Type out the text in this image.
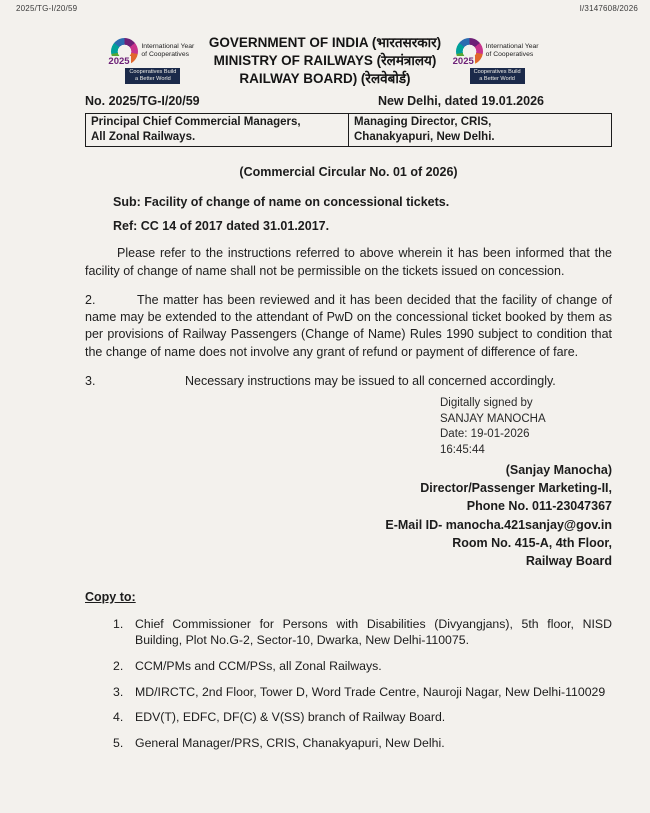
2025/TG-I/20/59	I/3147608/2026
2025
International Year
of Cooperatives
Cooperatives Build
a Better World
GOVERNMENT OF INDIA (भारतसरकार)
MINISTRY OF RAILWAYS (रेलमंत्रालय)
RAILWAY BOARD) (रेलवेबोर्ड)
2025
International Year
of Cooperatives
Cooperatives Build
a Better World
No. 2025/TG-I/20/59	New Delhi, dated 19.01.2026
Principal Chief Commercial Managers,
All Zonal Railways.

Managing Director, CRIS,
Chanakyapuri, New Delhi.
(Commercial Circular No. 01 of 2026)
Sub: Facility of change of name on concessional tickets.
Ref: CC 14 of 2017 dated 31.01.2017.

Please refer to the instructions referred to above wherein it has been informed that the facility of change of name shall not be permissible on the tickets issued on concession.

2.	The matter has been reviewed and it has been decided that the facility of change of name may be extended to the attendant of PwD on the concessional ticket booked by them as per provisions of Railway Passengers (Change of Name) Rules 1990 subject to condition that the change of name does not involve any grant of refund or payment of difference of fare.

3.	Necessary instructions may be issued to all concerned accordingly.

Digitally signed by
SANJAY MANOCHA
Date: 19-01-2026
16:45:44
(Sanjay Manocha)
Director/Passenger Marketing-II,
Phone No. 011-23047367
E-Mail ID- manocha.421sanjay@gov.in
Room No. 415-A, 4th Floor,
Railway Board
Copy to:
1. Chief Commissioner for Persons with Disabilities (Divyangjans), 5th floor, NISD Building, Plot No.G-2, Sector-10, Dwarka, New Delhi-110075.
2. CCM/PMs and CCM/PSs, all Zonal Railways.
3. MD/IRCTC, 2nd Floor, Tower D, Word Trade Centre, Nauroji Nagar, New Delhi-110029
4. EDV(T), EDFC, DF(C) & V(SS) branch of Railway Board.
5. General Manager/PRS, CRIS, Chanakyapuri, New Delhi.
